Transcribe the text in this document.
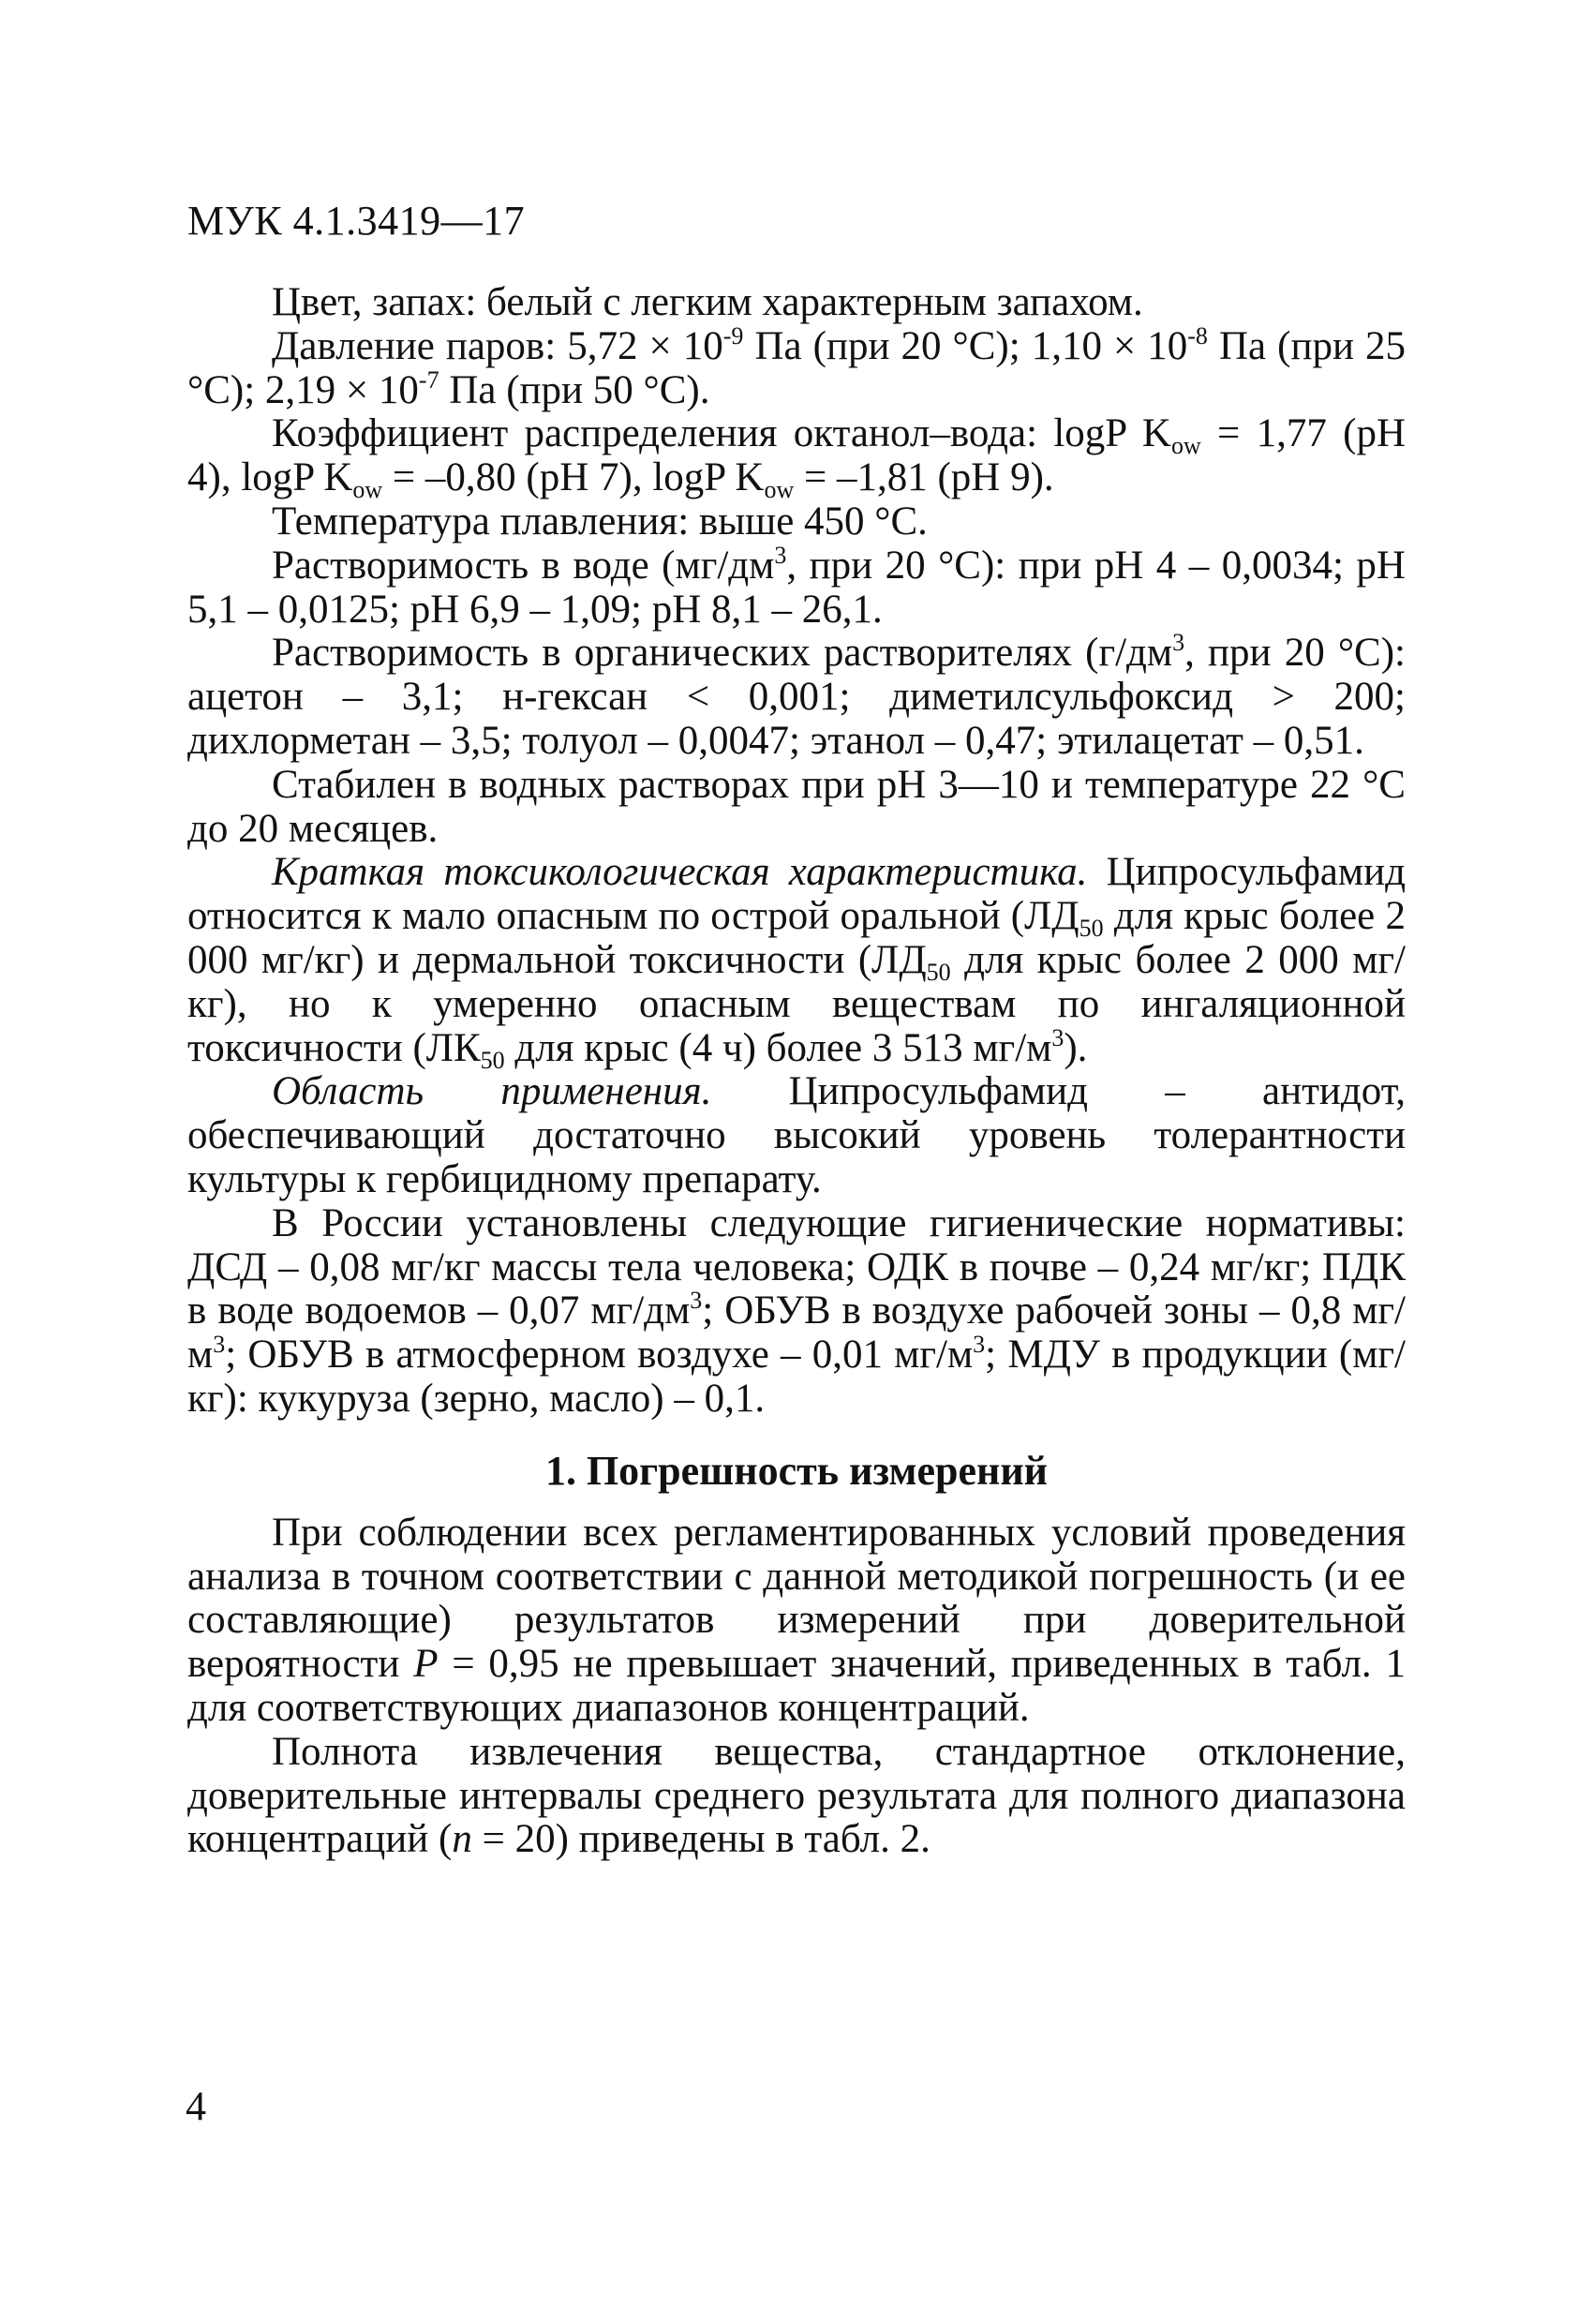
МУК 4.1.3419—17

Цвет, запах: белый с легким характерным запахом.

Давление паров: $5,72 \times 10^{-9}$ Па (при 20 °С); $1,10 \times 10^{-8}$ Па (при 25 °С); $2,19 \times 10^{-7}$ Па (при 50 °С).

Коэффициент распределения октанол–вода: logP $K_{ow} = 1,77$ (pH 4), logP $K_{ow} = -0,80$ (pH 7), logP $K_{ow} = -1,81$ (pH 9).

Температура плавления: выше 450 °С.

Растворимость в воде ($мг/дм^3$, при 20 °С): при pH 4 – 0,0034; pH 5,1 – 0,0125; pH 6,9 – 1,09; pH 8,1 – 26,1.

Растворимость в органических растворителях ($г/дм^3$, при 20 °С): ацетон – 3,1; н-гексан < 0,001; диметилсульфоксид > 200; дихлорметан – 3,5; толуол – 0,0047; этанол – 0,47; этилацетат – 0,51.

Стабилен в водных растворах при pH 3—10 и температуре 22 °С до 20 месяцев.

Краткая токсикологическая характеристика. Ципросульфамид относится к мало опасным по острой оральной ($ЛД_{50}$ для крыс более 2 000 мг/кг) и дермальной токсичности ($ЛД_{50}$ для крыс более 2 000 мг/кг), но к умеренно опасным веществам по ингаляционной токсичности ($ЛК_{50}$ для крыс (4 ч) более 3 513 $мг/м^3$).

Область применения. Ципросульфамид – антидот, обеспечивающий достаточно высокий уровень толерантности культуры к гербицидному препарату.

В России установлены следующие гигиенические нормативы: ДСД – 0,08 мг/кг массы тела человека; ОДК в почве – 0,24 мг/кг; ПДК в воде водоемов – 0,07 $мг/дм^3$; ОБУВ в воздухе рабочей зоны – 0,8 $мг/м^3$; ОБУВ в атмосферном воздухе – 0,01 $мг/м^3$; МДУ в продукции (мг/кг): кукуруза (зерно, масло) – 0,1.

1. Погрешность измерений

При соблюдении всех регламентированных условий проведения анализа в точном соответствии с данной методикой погрешность (и ее составляющие) результатов измерений при доверительной вероятности P = 0,95 не превышает значений, приведенных в табл. 1 для соответствующих диапазонов концентраций.

Полнота извлечения вещества, стандартное отклонение, доверительные интервалы среднего результата для полного диапазона концентраций (n = 20) приведены в табл. 2.

4
